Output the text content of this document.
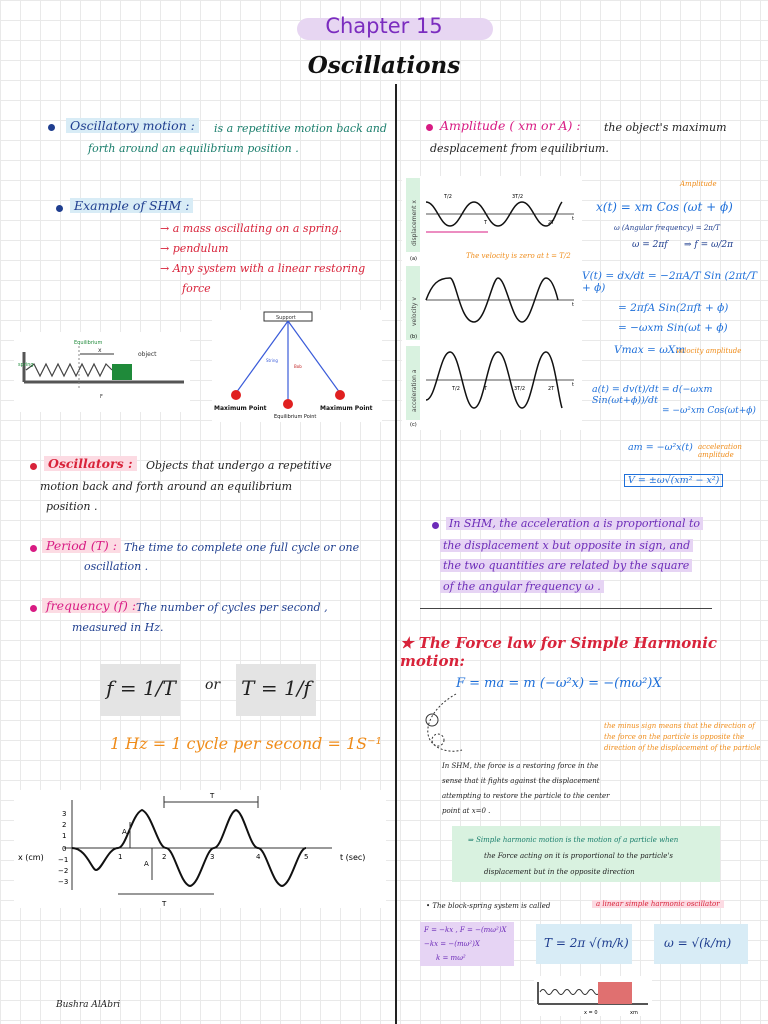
Chapter 15
Oscillations
Oscillatory motion :	is a repetitive motion back and
forth around an equilibrium position .
Example of SHM :
→ a mass oscillating on a spring.
→ pendulum
→ Any system with a linear restoring
force
Equilibrium
x
object
spring
F
Support
String
Bob
Maximum Point	Maximum Point
Equilibrium Point
Oscillators :	Objects that undergo a repetitive
motion back and forth around an equilibrium
position .
Period (T) : The time to complete one full cycle or one
oscillation .
frequency (f) : The number of cycles per second ,
measured in Hz.
f = 1/T or T = 1/f
1 Hz = 1 cycle per second = 1S⁻¹
T
T
A
A
x (cm)	t (sec)
3
2
1
0
−1
−2
−3
1	2	3	4	5
Bushra AlAbri
Amplitude ( xm or A) : the object's maximum
desplacement from equilibrium.
displacement x
velocity v
acceleration a
T/2	3T/2
T	2T
t
(a)
t
(b)
T/2	T	3T/2	2T
t
(c)
Amplitude
x(t) = xm Cos (ωt + ϕ)
ω (Angular frequency) = 2π/T
ω = 2πf ⇒ f = ω/2π
The velocity is zero at t = T/2
V(t) = dx/dt = −2πA/T Sin (2πt/T + ϕ)
= 2πfA Sin(2πft + ϕ)
= −ωxm Sin(ωt + ϕ)
Vmax = ωXm
velocity amplitude
a(t) = dv(t)/dt = d(−ωxm Sin(ωt+ϕ))/dt
= −ω²xm Cos(ωt+ϕ)
am = −ω²x(t) acceleration amplitude
V = ±ω√(xm² − x²)
In SHM, the acceleration a is proportional to
the displacement x but opposite in sign, and
the two quantities are related by the square
of the angular frequency ω .
★ The Force law for Simple Harmonic motion:
F = ma = m (−ω²x) = −(mω²)X
the minus sign means that the direction of
the force on the particle is opposite the
direction of the displacement of the particle
In SHM, the force is a restoring force in the
sense that it fights against the displacement
attempting to restore the particle to the center
point at x=0 .
⇒ Simple harmonic motion is the motion of a particle when
the Force acting on it is proportional to the particle's
displacement but in the opposite direction
• The block-spring system is called	a linear simple harmonic oscillator
F = −kx , F = −(mω²)X
−kx = −(mω²)X
k = mω²
T = 2π √(m/k)	ω = √(k/m)
x = 0	xm
